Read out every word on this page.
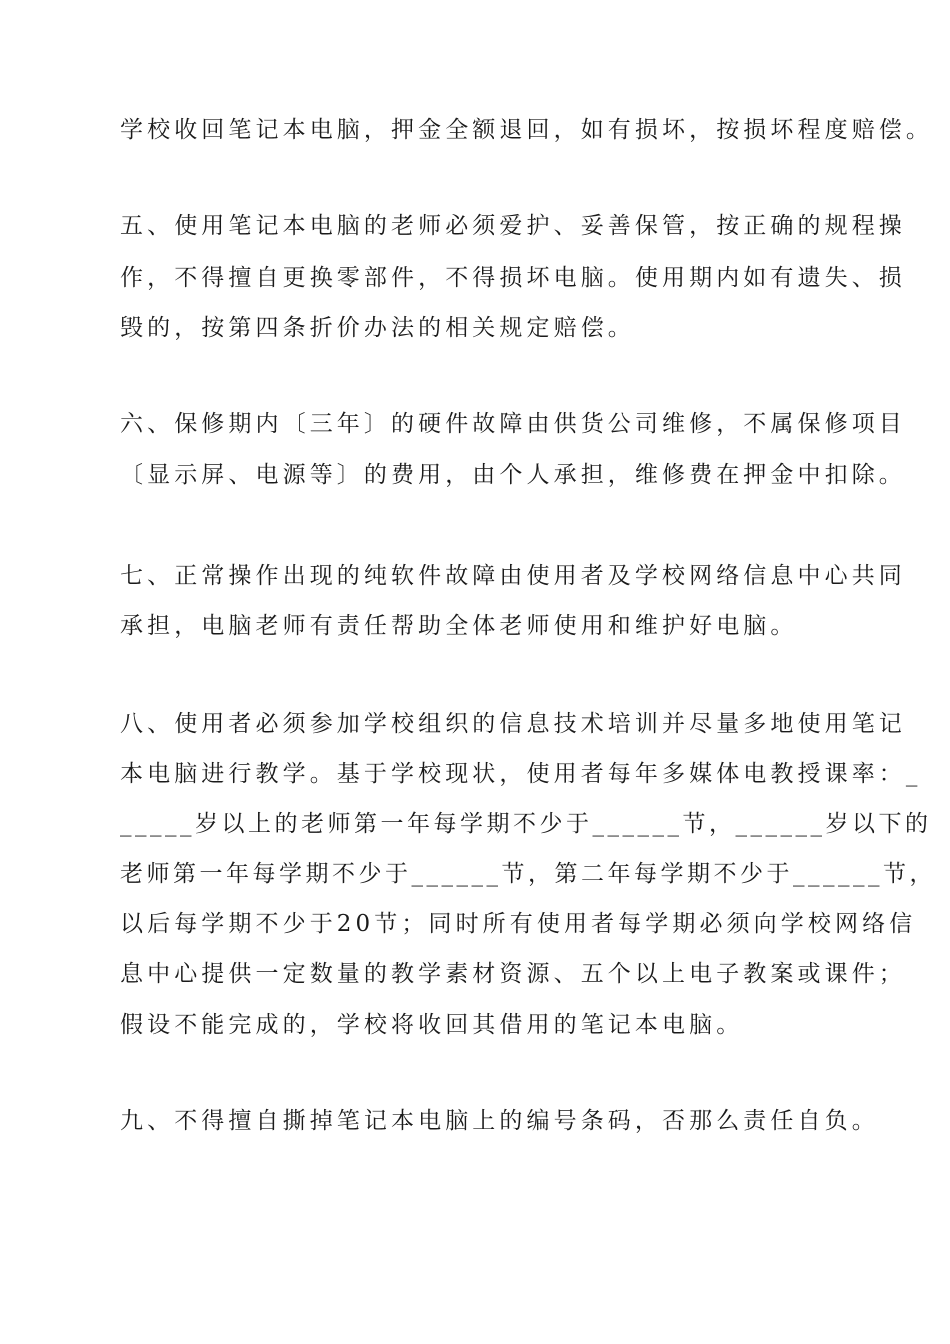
学校收回笔记本电脑，押金全额退回，如有损坏，按损坏程度赔偿。
五、使用笔记本电脑的老师必须爱护、妥善保管，按正确的规程操
作，不得擅自更换零部件，不得损坏电脑。使用期内如有遗失、损
毁的，按第四条折价办法的相关规定赔偿。
六、保修期内〔三年〕的硬件故障由供货公司维修，不属保修项目
〔显示屏、电源等〕的费用，由个人承担，维修费在押金中扣除。
七、正常操作出现的纯软件故障由使用者及学校网络信息中心共同
承担，电脑老师有责任帮助全体老师使用和维护好电脑。
八、使用者必须参加学校组织的信息技术培训并尽量多地使用笔记
本电脑进行教学。基于学校现状，使用者每年多媒体电教授课率：_
_____岁以上的老师第一年每学期不少于______节，______岁以下的
老师第一年每学期不少于______节，第二年每学期不少于______节，
以后每学期不少于20节；同时所有使用者每学期必须向学校网络信
息中心提供一定数量的教学素材资源、五个以上电子教案或课件；
假设不能完成的，学校将收回其借用的笔记本电脑。
九、不得擅自撕掉笔记本电脑上的编号条码，否那么责任自负。
